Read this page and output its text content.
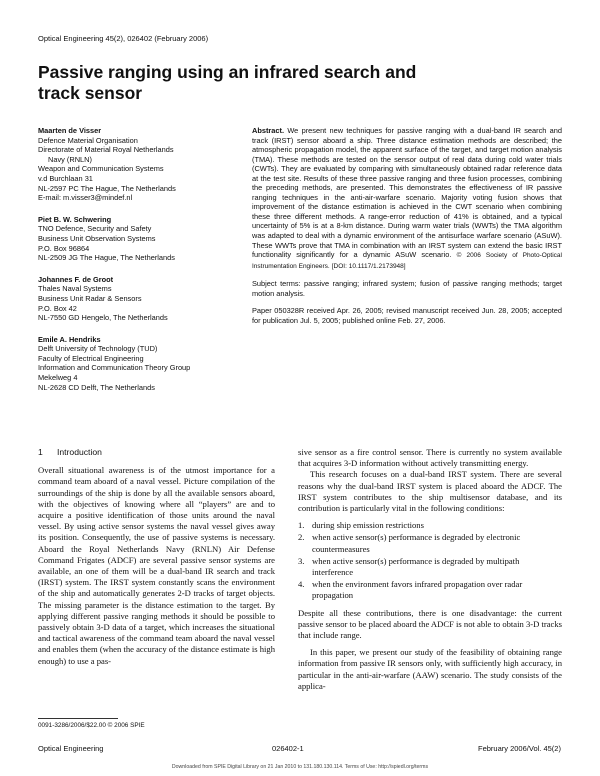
Optical Engineering 45(2), 026402 (February 2006)
Passive ranging using an infrared search and
track sensor
Maarten de Visser
Defence Material Organisation
Directorate of Material Royal Netherlands
Navy (RNLN)
Weapon and Communication Systems
v.d Burchlaan 31
NL-2597 PC The Hague, The Netherlands
E-mail: m.visser3@mindef.nl
Piet B. W. Schwering
TNO Defence, Security and Safety
Business Unit Observation Systems
P.O. Box 96864
NL-2509 JG The Hague, The Netherlands
Johannes F. de Groot
Thales Naval Systems
Business Unit Radar & Sensors
P.O. Box 42
NL-7550 GD Hengelo, The Netherlands
Emile A. Hendriks
Delft University of Technology (TUD)
Faculty of Electrical Engineering
Information and Communication Theory Group
Mekelweg 4
NL-2628 CD Delft, The Netherlands
Abstract. We present new techniques for passive ranging with a dual-band IR search and track (IRST) sensor aboard a ship. Three distance estimation methods are described; the atmospheric propagation model, the apparent surface of the target, and target motion analysis (TMA). These methods are tested on the sensor output of real data during cold water trials (CWTs). They are evaluated by comparing with simultaneously obtained radar reference data at the test site. Results of these three passive ranging and three fusion processes, combining the preceding methods, are presented. This demonstrates the effectiveness of IR passive ranging techniques in the anti-air-warfare scenario. Majority voting fusion shows that improvement of the distance estimation is achieved in the CWT scenario when combining these three different methods. A range-error reduction of 41% is obtained, and a typical uncertainty of 5% is at a 8-km distance. During warm water trials (WWTs) the TMA algorithm was adapted to deal with a dynamic environment of the antisurface warfare scenario (ASuW). These WWTs prove that TMA in combination with an IRST system can extend the basic IRST functionality significantly for a dynamic ASuW scenario. © 2006 Society of Photo-Optical Instrumentation Engineers. [DOI: 10.1117/1.2173948]
Subject terms: passive ranging; infrared system; fusion of passive ranging methods; target motion analysis.
Paper 050328R received Apr. 26, 2005; revised manuscript received Jun. 28, 2005; accepted for publication Jul. 5, 2005; published online Feb. 27, 2006.
1 Introduction
Overall situational awareness is of the utmost importance for a command team aboard of a naval vessel. Picture compilation of the surroundings of the ship is done by all the available sensors aboard, with the objectives of knowing where all “players” are and to acquire a positive identification of those units around the naval vessel. By using active sensor systems the naval vessel gives away its position. Consequently, the use of passive systems is necessary. Aboard the Royal Netherlands Navy (RNLN) Air Defense Command Frigates (ADCF) are several passive sensor systems are available, an one of them will be a dual-band IR search and track (IRST) system. The IRST system constantly scans the environment of the ship and automatically generates 2-D tracks of target objects. The missing parameter is the distance estimation to the target. By applying different passive ranging methods it should be possible to passively obtain 3-D data of a target, which increases the situational and tactical awareness of the command team aboard the naval vessel and enables them (when the accuracy of the distance estimate is high enough) to use a pas-
sive sensor as a fire control sensor. There is currently no system available that acquires 3-D information without actively transmitting energy.
This research focuses on a dual-band IRST system. There are several reasons why the dual-band IRST system is placed aboard the ADCF. The IRST system contributes to the ship multisensor database, and its contribution is particularly vital in the following conditions:
1. during ship emission restrictions
2. when active sensor(s) performance is degraded by electronic countermeasures
3. when active sensor(s) performance is degraded by multipath interference
4. when the environment favors infrared propagation over radar propagation
Despite all these contributions, there is one disadvantage: the current passive sensor to be placed aboard the ADCF is not able to obtain 3-D tracks that include range.
In this paper, we present our study of the feasibility of obtaining range information from passive IR sensors only, with sufficiently high accuracy, in particular in the anti-air-warfare (AAW) scenario. The study consists of the applica-
0091-3286/2006/$22.00 © 2006 SPIE
Optical Engineering	026402-1	February 2006/Vol. 45(2)
Downloaded from SPIE Digital Library on 21 Jan 2010 to 131.180.130.114. Terms of Use: http://spiedl.org/terms
